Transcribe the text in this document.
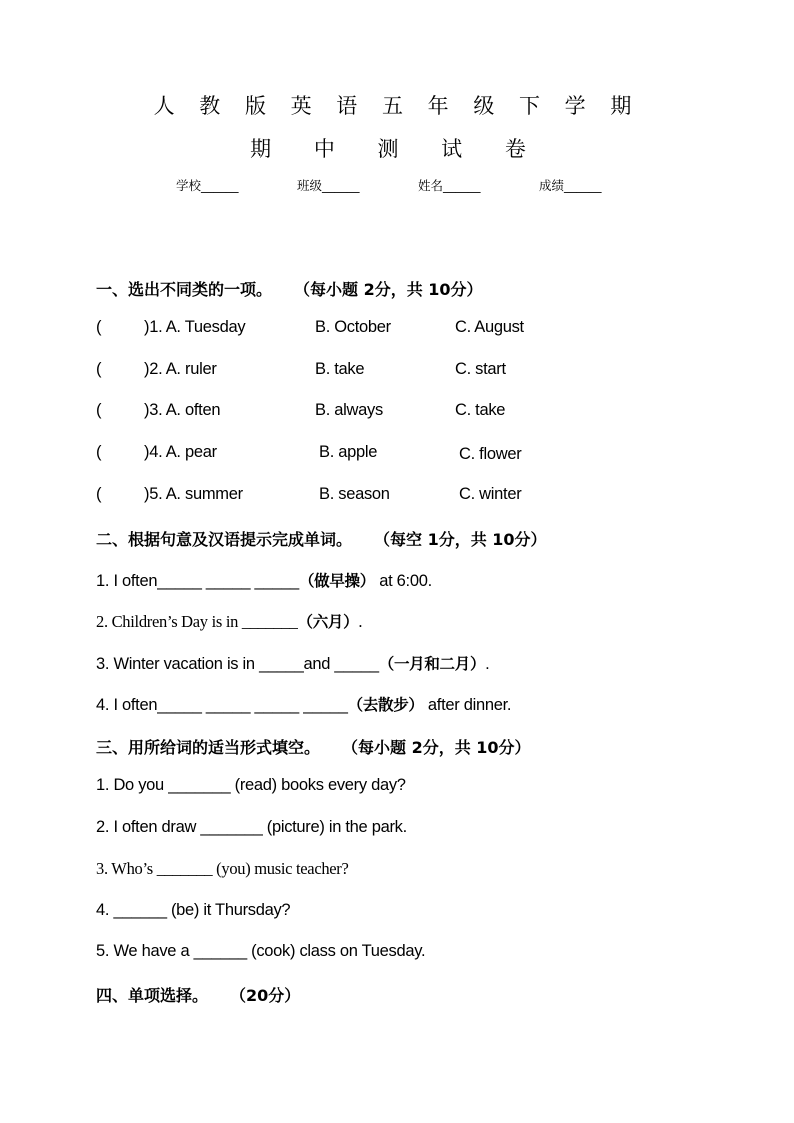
人 教 版 英 语 五 年 级 下 学 期
期 中 测 试 卷
学校______	班级______	姓名______	成绩______
一、选出不同类的一项。 （每小题 2分，共 10分）
(	)1. A. Tuesday	B. October	C. August
(	)2. A. ruler	B. take	C. start
(	)3. A. often	B. always	C. take
(	)4. A. pear	B. apple	C. flower
(	)5. A. summer	B. season	C. winter
二、根据句意及汉语提示完成单词。 （每空 1分，共 10分）
1. I often_____ _____ _____（做早操） at 6:00.
2. Children’s Day is in _______（六月）.
3. Winter vacation is in _____and _____（一月和二月）.
4. I often_____ _____ _____ _____（去散步） after dinner.
三、用所给词的适当形式填空。 （每小题 2分，共 10分）
1. Do you _______ (read) books every day?
2. I often draw _______ (picture) in the park.
3. Who’s _______ (you) music teacher?
4. ______ (be) it Thursday?
5. We have a ______ (cook) class on Tuesday.
四、单项选择。 （20分）
